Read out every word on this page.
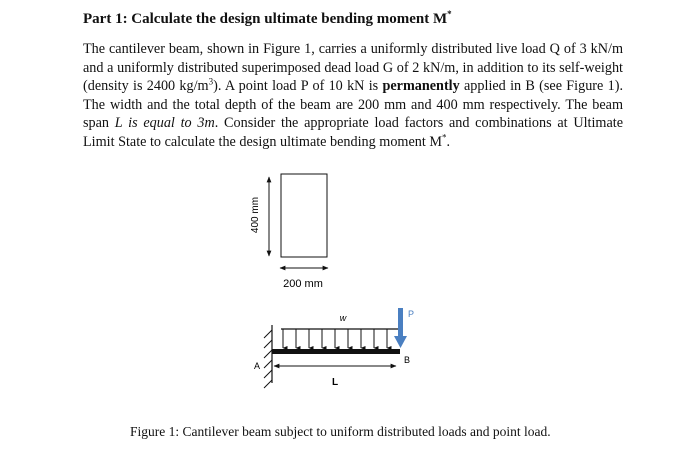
Part 1: Calculate the design ultimate bending moment M*
The cantilever beam, shown in Figure 1, carries a uniformly distributed live load Q of 3 kN/m and a uniformly distributed superimposed dead load G of 2 kN/m, in addition to its self-weight (density is 2400 $kg/m^3$). A point load P of 10 kN is permanently applied in B (see Figure 1). The width and the total depth of the beam are 200 mm and 400 mm respectively. The beam span L is equal to 3m. Consider the appropriate load factors and combinations at Ultimate Limit State to calculate the design ultimate bending moment M*.
400 mm
200 mm
w	P
A
B
L
Figure 1: Cantilever beam subject to uniform distributed loads and point load.
